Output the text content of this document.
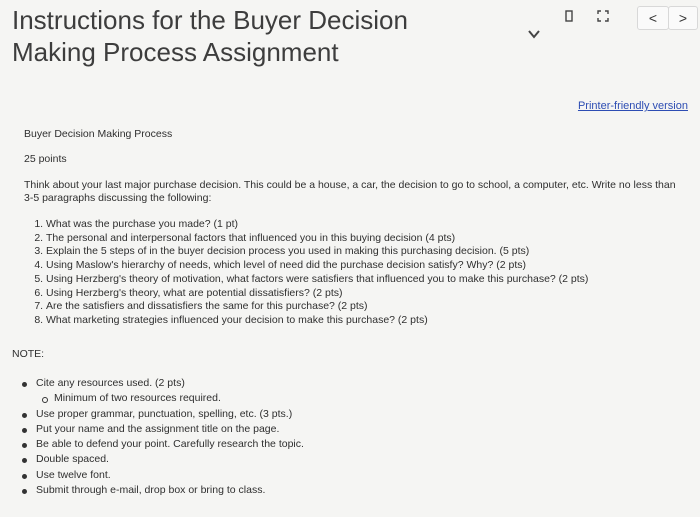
Instructions for the Buyer Decision
Making Process Assignment
<	>
Printer-friendly version

Buyer Decision Making Process

25 points

Think about your last major purchase decision. This could be a house, a car, the decision to go to school, a computer, etc. Write no less than 3-5 paragraphs discussing the following:

1. What was the purchase you made? (1 pt)
2. The personal and interpersonal factors that influenced you in this buying decision (4 pts)
3. Explain the 5 steps of in the buyer decision process you used in making this purchasing decision. (5 pts)
4. Using Maslow's hierarchy of needs, which level of need did the purchase decision satisfy? Why? (2 pts)
5. Using Herzberg's theory of motivation, what factors were satisfiers that influenced you to make this purchase? (2 pts)
6. Using Herzberg's theory, what are potential dissatisfiers? (2 pts)
7. Are the satisfiers and dissatisfiers the same for this purchase? (2 pts)
8. What marketing strategies influenced your decision to make this purchase? (2 pts)
NOTE:
Cite any resources used. (2 pts)
Minimum of two resources required.
Use proper grammar, punctuation, spelling, etc. (3 pts.)
Put your name and the assignment title on the page.
Be able to defend your point. Carefully research the topic.
Double spaced.
Use twelve font.
Submit through e-mail, drop box or bring to class.
